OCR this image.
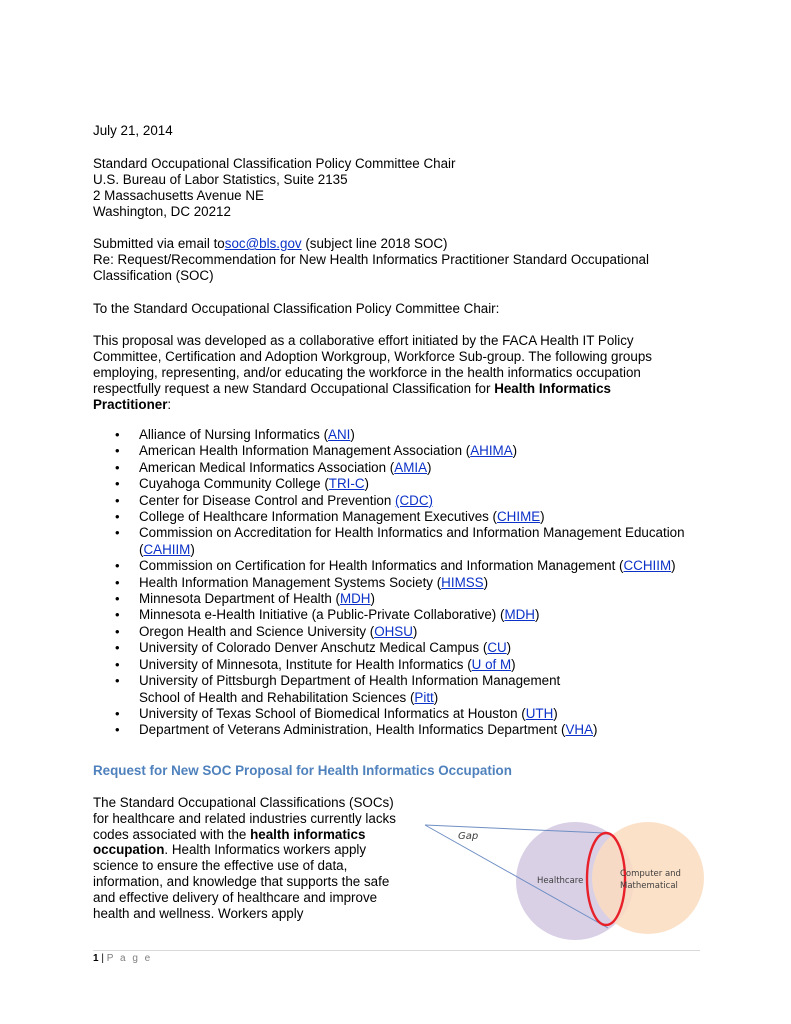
July 21, 2014

Standard Occupational Classification Policy Committee Chair

U.S. Bureau of Labor Statistics, Suite 2135

2 Massachusetts Avenue NE

Washington, DC 20212

Submitted via email tosoc@bls.gov (subject line 2018 SOC)

Re: Request/Recommendation for New Health Informatics Practitioner Standard Occupational Classification (SOC)

To the Standard Occupational Classification Policy Committee Chair:

This proposal was developed as a collaborative effort initiated by the FACA Health IT Policy Committee, Certification and Adoption Workgroup, Workforce Sub-group. The following groups employing, representing, and/or educating the workforce in the health informatics occupation respectfully request a new Standard Occupational Classification for Health Informatics Practitioner:

• Alliance of Nursing Informatics (ANI)
• American Health Information Management Association (AHIMA)
• American Medical Informatics Association (AMIA)
• Cuyahoga Community College (TRI-C)
• Center for Disease Control and Prevention (CDC)
• College of Healthcare Information Management Executives (CHIME)
• Commission on Accreditation for Health Informatics and Information Management Education (CAHIIM)
• Commission on Certification for Health Informatics and Information Management (CCHIIM)
• Health Information Management Systems Society (HIMSS)
• Minnesota Department of Health (MDH)
• Minnesota e-Health Initiative (a Public-Private Collaborative) (MDH)
• Oregon Health and Science University (OHSU)
• University of Colorado Denver Anschutz Medical Campus (CU)
• University of Minnesota, Institute for Health Informatics (U of M)
• University of Pittsburgh Department of Health Information Management
School of Health and Rehabilitation Sciences (Pitt)
• University of Texas School of Biomedical Informatics at Houston (UTH)
• Department of Veterans Administration, Health Informatics Department (VHA)
Request for New SOC Proposal for Health Informatics Occupation

The Standard Occupational Classifications (SOCs) for healthcare and related industries currently lacks codes associated with the health informatics occupation. Health Informatics workers apply science to ensure the effective use of data, information, and knowledge that supports the safe and effective delivery of healthcare and improve health and wellness. Workers apply

Gap
Healthcare
Computer and
Mathematical
1 | P a g e
